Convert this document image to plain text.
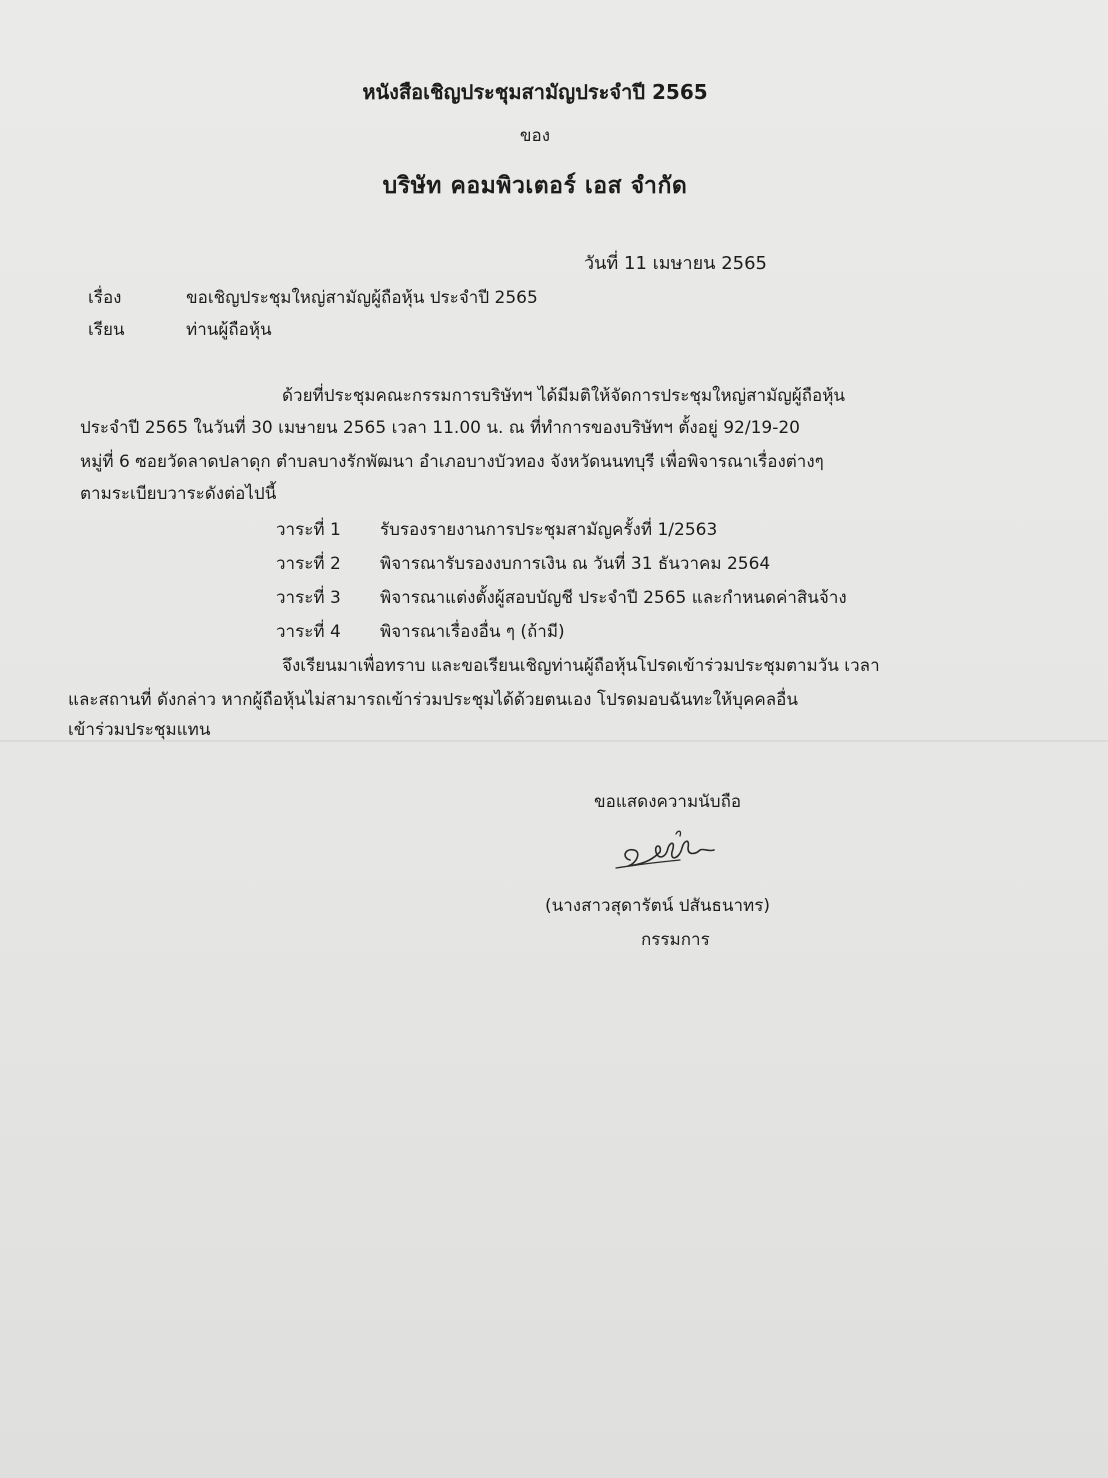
หนังสือเชิญประชุมสามัญประจำปี 2565
ของ
บริษัท คอมพิวเตอร์ เอส จำกัด
วันที่ 11 เมษายน 2565
เรื่อง	ขอเชิญประชุมใหญ่สามัญผู้ถือหุ้น ประจำปี 2565
เรียน	ท่านผู้ถือหุ้น
ด้วยที่ประชุมคณะกรรมการบริษัทฯ ได้มีมติให้จัดการประชุมใหญ่สามัญผู้ถือหุ้น
ประจำปี 2565 ในวันที่ 30 เมษายน 2565 เวลา 11.00 น. ณ ที่ทำการของบริษัทฯ ตั้งอยู่ 92/19-20
หมู่ที่ 6 ซอยวัดลาดปลาดุก ตำบลบางรักพัฒนา อำเภอบางบัวทอง จังหวัดนนทบุรี เพื่อพิจารณาเรื่องต่างๆ
ตามระเบียบวาระดังต่อไปนี้
วาระที่ 1 รับรองรายงานการประชุมสามัญครั้งที่ 1/2563
วาระที่ 2 พิจารณารับรองงบการเงิน ณ วันที่ 31 ธันวาคม 2564
วาระที่ 3 พิจารณาแต่งตั้งผู้สอบบัญชี ประจำปี 2565 และกำหนดค่าสินจ้าง
วาระที่ 4 พิจารณาเรื่องอื่น ๆ (ถ้ามี)
จึงเรียนมาเพื่อทราบ และขอเรียนเชิญท่านผู้ถือหุ้นโปรดเข้าร่วมประชุมตามวัน เวลา
และสถานที่ ดังกล่าว หากผู้ถือหุ้นไม่สามารถเข้าร่วมประชุมได้ด้วยตนเอง โปรดมอบฉันทะให้บุคคลอื่น
เข้าร่วมประชุมแทน
ขอแสดงความนับถือ
(นางสาวสุดารัตน์ ปสันธนาทร)
กรรมการ
